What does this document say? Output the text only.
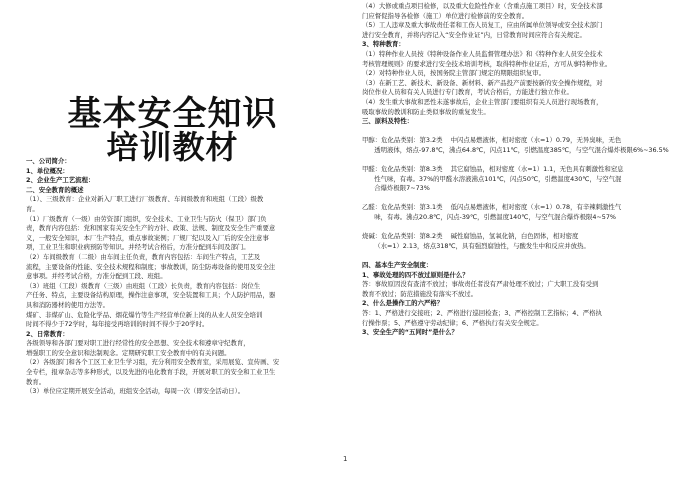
基本安全知识
培训教材
一、公司简介：
1、单位概况：
2、企业生产工艺流程：
二、安全教育的概述
（1）、三级教育：企业对新入厂职工进行厂级教育、车间级教育和班组（工段）级教
育。
（1）厂级教育（一级）由劳资部门组织，安全技术、工业卫生与防火（保卫）部门负
责，教育内容包括：党和国家有关安全生产的方针、政策、法规、制度及安全生产重要意
义，一般安全知识，本厂生产特点，重点事故案例；厂规厂纪以及入厂后的安全注意事
项，工业卫生和职业病预防等知识。并经考试合格后，方准分配到车间及部门。
（2）车间级教育（二级）由车间主任负责，教育内容包括：车间生产特点，工艺及
流程，主要设备的性能、安全技术规程和制度；事故教训，防尘防毒设备的使用及安全注
意事项。并经考试合格，方准分配到工段、班组。
（3）班组（工段）级教育（三级）由班组（工段）长负责，教育内容包括：岗位生
产任务、特点，主要设备结构原理，操作注意事项，安全装置和工具；个人防护用品，器
具和消防器材的使用方法等。
煤矿、非煤矿山、危险化学品、烟花爆竹等生产经营单位新上岗的从业人员安全培训
时间不得少于72学时，每年接受再培训的时间不得少于20学时。
2、日常教育：
各级领导和各部门要对职工进行经常性的安全思想、安全技术和遵章守纪教育，
增强职工的安全意识和法制观念。定期研究职工安全教育中的有关问题。
（2）各级部门和各个工区工业卫生学习组，充分利用安全教育室，采用展览、宣传画、安
全专栏，报章杂志等多种形式，以及先进的电化教育手段，开展对职工的安全和工业卫生
教育。
（3）单位应定期开展安全活动，班组安全活动，每周一次（即安全活动日）。
（4）大修或重点项目检修，以及重大危险性作业（含重点施工项目）时，安全技术部
门应督促指导各检修（施工）单位进行检修前的安全教育。
（5）工人违章及重大事故责任者和工伤人员复工，应由所属单位领导或安全技术部门
进行安全教育，并将内容记入“安全作业证”内，日常教育时间应符合有关规定。
3、特种教育：
（1）特种作业人员按《特种设备作业人员监督管理办法》和《特种作业人员安全技术
考核管理规则》的要求进行安全技术培训考核，取得特种作业证后，方可从事特种作业。
（2）对特种作业人员，按国务院主管部门规定的期限组织复审。
（3）在新工艺、新技术、新设备、新材料、新产品投产前要按新的安全操作规程，对
岗位作业人员和有关人员进行专门教育，考试合格后，方能进行独立作业。
（4）发生重大事故和恶性未遂事故后，企业主管部门要组织有关人员进行现场教育，
吸取事故的教训和防止类似事故的重复发生。
三、原料及特性：

甲醇：危化品类别：第3.2类    中闪点易燃液体，相对密度（水=1）0.79，无异臭味，无色
透明液体，熔点-97.8℃，沸点64.8℃，闪点11℃，引燃温度385℃，与空气混合爆炸极限6%~36.5%

甲醛：危化品类别：第8.3类    其它腐蚀品，相对密度（水=1）1.1，无色具有刺激性和窒息
性气味，有毒。37%的甲醛水溶液沸点101℃，闪点50℃，引燃温度430℃，与空气混
合爆炸极限7~73%

乙醛：危化品类别：第3.1类    低闪点易燃液体，相对密度（水=1）0.78，有辛辣刺激性气
味，有毒。沸点20.8℃，闪点-39℃，引燃温度140℃，与空气混合爆炸极限4~57%

烧碱：危化品类别：第8.2类    碱性腐蚀品，氢氧化钠，白色固体，相对密度
（水=1）2.13，熔点318℃，具有强烈腐蚀性，与酸发生中和反应并放热。

四、基本生产安全制度：
1、事故处理的四不放过原则是什么？
答：事故原因没有查清不放过；事故责任者没有严肃处理不放过；广大职工没有受到
教育不放过；防范措施没有落实不放过。
2、什么是操作工的六严格？
答：1、严格进行交接班；2、严格进行巡回检查；3、严格控制工艺指标；4、严格执
行操作票；5、严格遵守劳动纪律；6、严格执行有关安全规定。
3、安全生产的“五同时”是什么？
1
